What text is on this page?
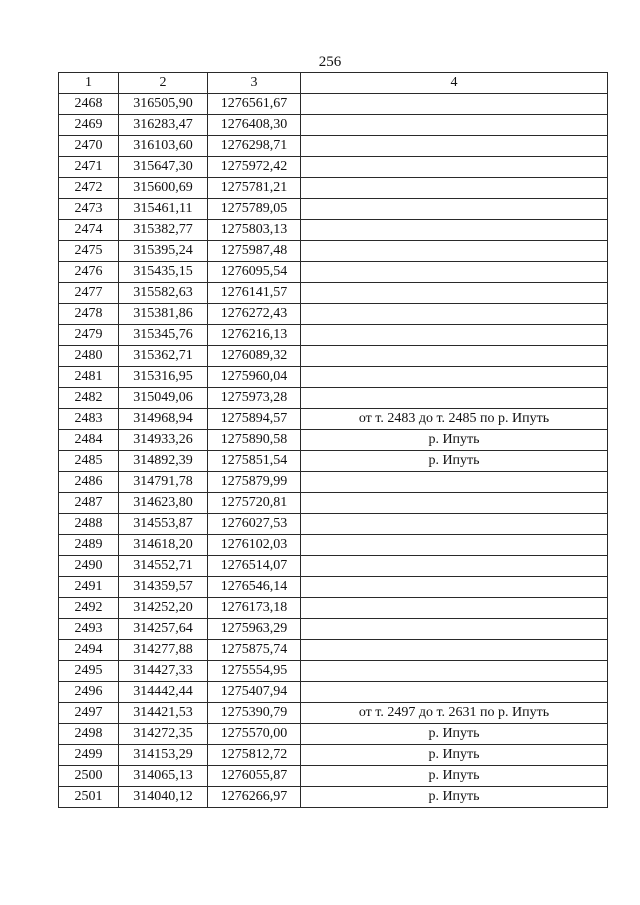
256
1	2	3	4
2468	316505,90	1276561,67	
2469	316283,47	1276408,30	
2470	316103,60	1276298,71	
2471	315647,30	1275972,42	
2472	315600,69	1275781,21	
2473	315461,11	1275789,05	
2474	315382,77	1275803,13	
2475	315395,24	1275987,48	
2476	315435,15	1276095,54	
2477	315582,63	1276141,57	
2478	315381,86	1276272,43	
2479	315345,76	1276216,13	
2480	315362,71	1276089,32	
2481	315316,95	1275960,04	
2482	315049,06	1275973,28	
2483	314968,94	1275894,57	от т. 2483 до т. 2485 по р. Ипуть
2484	314933,26	1275890,58	р. Ипуть
2485	314892,39	1275851,54	р. Ипуть
2486	314791,78	1275879,99	
2487	314623,80	1275720,81	
2488	314553,87	1276027,53	
2489	314618,20	1276102,03	
2490	314552,71	1276514,07	
2491	314359,57	1276546,14	
2492	314252,20	1276173,18	
2493	314257,64	1275963,29	
2494	314277,88	1275875,74	
2495	314427,33	1275554,95	
2496	314442,44	1275407,94	
2497	314421,53	1275390,79	от т. 2497 до т. 2631 по р. Ипуть
2498	314272,35	1275570,00	р. Ипуть
2499	314153,29	1275812,72	р. Ипуть
2500	314065,13	1276055,87	р. Ипуть
2501	314040,12	1276266,97	р. Ипуть
